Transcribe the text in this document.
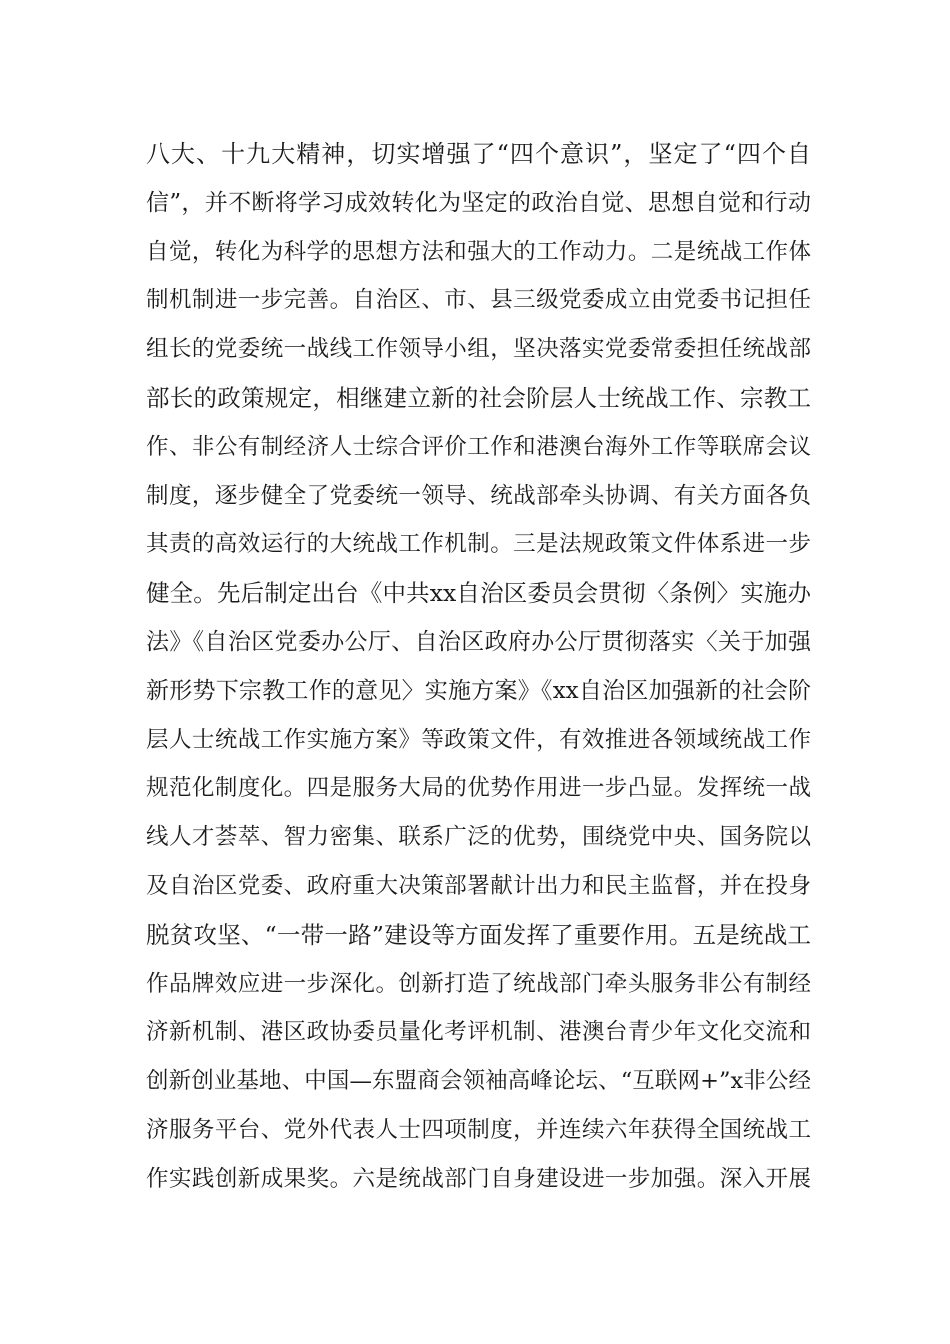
八大、十九大精神，切实增强了“四个意识”，坚定了“四个自
信”，并不断将学习成效转化为坚定的政治自觉、思想自觉和行动
自觉，转化为科学的思想方法和强大的工作动力。二是统战工作体
制机制进一步完善。自治区、市、县三级党委成立由党委书记担任
组长的党委统一战线工作领导小组，坚决落实党委常委担任统战部
部长的政策规定，相继建立新的社会阶层人士统战工作、宗教工
作、非公有制经济人士综合评价工作和港澳台海外工作等联席会议
制度，逐步健全了党委统一领导、统战部牵头协调、有关方面各负
其责的高效运行的大统战工作机制。三是法规政策文件体系进一步
健全。先后制定出台《中共xx自治区委员会贯彻〈条例〉实施办
法》《自治区党委办公厅、自治区政府办公厅贯彻落实〈关于加强
新形势下宗教工作的意见〉实施方案》《xx自治区加强新的社会阶
层人士统战工作实施方案》等政策文件，有效推进各领域统战工作
规范化制度化。四是服务大局的优势作用进一步凸显。发挥统一战
线人才荟萃、智力密集、联系广泛的优势，围绕党中央、国务院以
及自治区党委、政府重大决策部署献计出力和民主监督，并在投身
脱贫攻坚、“一带一路”建设等方面发挥了重要作用。五是统战工
作品牌效应进一步深化。创新打造了统战部门牵头服务非公有制经
济新机制、港区政协委员量化考评机制、港澳台青少年文化交流和
创新创业基地、中国—东盟商会领袖高峰论坛、“互联网+”x非公经
济服务平台、党外代表人士四项制度，并连续六年获得全国统战工
作实践创新成果奖。六是统战部门自身建设进一步加强。深入开展
